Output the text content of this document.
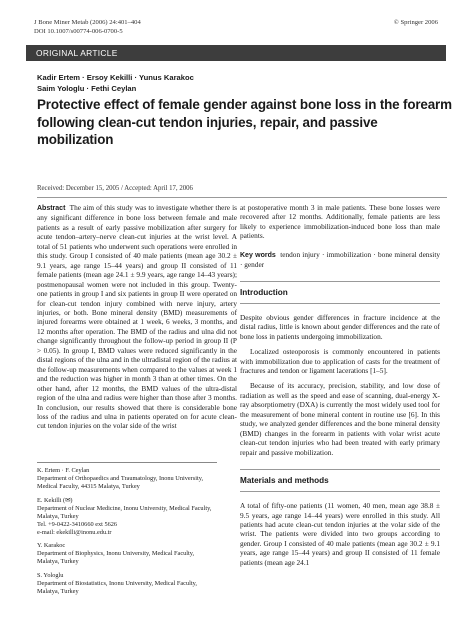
J Bone Miner Metab (2006) 24:401–404
DOI 10.1007/s00774-006-0700-5
© Springer 2006
ORIGINAL ARTICLE
Kadir Ertem · Ersoy Kekilli · Yunus Karakoc
Saim Yologlu · Fethi Ceylan
Protective effect of female gender against bone loss in the forearm
following clean-cut tendon injuries, repair, and passive mobilization
Received: December 15, 2005 / Accepted: April 17, 2006

Abstract The aim of this study was to investigate whether there is any significant difference in bone loss between female and male patients as a result of early passive mobilization after surgery for acute tendon–artery–nerve clean-cut injuries at the wrist level. A total of 51 patients who underwent such operations were enrolled in this study. Group I consisted of 40 male patients (mean age 30.2 ± 9.1 years, age range 15–44 years) and group II consisted of 11 female patients (mean age 24.1 ± 9.9 years, age range 14–43 years); postmenopausal women were not included in this group. Twenty-one patients in group I and six patients in group II were operated on for clean-cut tendon injury combined with nerve injury, artery injuries, or both. Bone mineral density (BMD) measurements of injured forearms were obtained at 1 week, 6 weeks, 3 months, and 12 months after operation. The BMD of the radius and ulna did not change significantly throughout the follow-up period in group II (P > 0.05). In group I, BMD values were reduced significantly in the distal regions of the ulna and in the ultradistal region of the radius at the follow-up measurements when compared to the values at week 1 and the reduction was higher in month 3 than at other times. On the other hand, after 12 months, the BMD values of the ultra-distal region of the ulna and radius were higher than those after 3 months. In conclusion, our results showed that there is considerable bone loss of the radius and ulna in patients operated on for acute clean-cut tendon injuries on the volar side of the wrist

K. Ertem · F. Ceylan
Department of Orthopaedics and Traumatology, Inonu University,
Medical Faculty, 44315 Malatya, Turkey
E. Kekilli (✉)
Department of Nuclear Medicine, Inonu University, Medical Faculty,
Malatya, Turkey
Tel. +9-0422-3410660 ext 5626
e-mail: ekekilli@inonu.edu.tr
Y. Karakoc
Department of Biophysics, Inonu University, Medical Faculty,
Malatya, Turkey
S. Yologlu
Department of Biostatistics, Inonu University, Medical Faculty,
Malatya, Turkey

at postoperative month 3 in male patients. These bone losses were recovered after 12 months. Additionally, female patients are less likely to experience immobilization-induced bone loss than male patients.

Key words tendon injury · immobilization · bone mineral density · gender

Introduction

Despite obvious gender differences in fracture incidence at the distal radius, little is known about gender differences and the rate of bone loss in patients undergoing immobilization.

Localized osteoporosis is commonly encountered in patients with immobilization due to application of casts for the treatment of fractures and tendon or ligament lacerations [1–5].

Because of its accuracy, precision, stability, and low dose of radiation as well as the speed and ease of scanning, dual-energy X-ray absorptiometry (DXA) is currently the most widely used tool for the measurement of bone mineral content in routine use [6]. In this study, we analyzed gender differences and the bone mineral density (BMD) changes in the forearm in patients with volar wrist acute clean-cut tendon injuries who had been treated with early primary repair and passive mobilization.

Materials and methods

A total of fifty-one patients (11 women, 40 men, mean age 38.8 ± 9.5 years, age range 14–44 years) were enrolled in this study. All patients had acute clean-cut tendon injuries at the volar side of the wrist. The patients were divided into two groups according to gender. Group I consisted of 40 male patients (mean age 30.2 ± 9.1 years, age range 15–44 years) and group II consisted of 11 female patients (mean age 24.1
